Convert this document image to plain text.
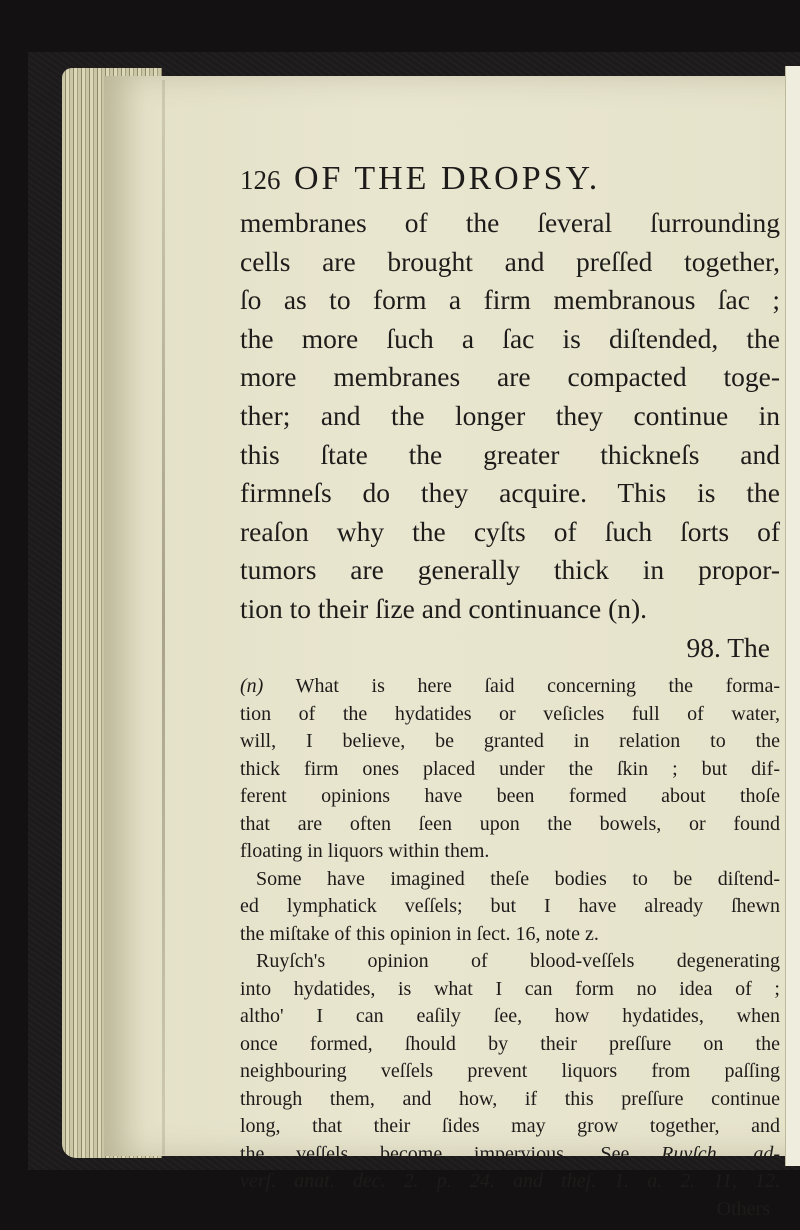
126 OF THE DROPSY.
membranes of the ſeveral ſurrounding
cells are brought and preſſed together,
ſo as to form a firm membranous ſac ;
the more ſuch a ſac is diſtended, the
more membranes are compacted toge-
ther; and the longer they continue in
this ſtate the greater thickneſs and
firmneſs do they acquire. This is the
reaſon why the cyſts of ſuch ſorts of
tumors are generally thick in propor-
tion to their ſize and continuance (n).
98. The
(n) What is here ſaid concerning the forma-
tion of the hydatides or veſicles full of water,
will, I believe, be granted in relation to the
thick firm ones placed under the ſkin ; but dif-
ferent opinions have been formed about thoſe
that are often ſeen upon the bowels, or found
floating in liquors within them.
Some have imagined theſe bodies to be diſtend-
ed lymphatick veſſels; but I have already ſhewn
the miſtake of this opinion in ſect. 16, note z.
Ruyſch's opinion of blood-veſſels degenerating
into hydatides, is what I can form no idea of ;
altho' I can eaſily ſee, how hydatides, when
once formed, ſhould by their preſſure on the
neighbouring veſſels prevent liquors from paſſing
through them, and how, if this preſſure continue
long, that their ſides may grow together, and
the veſſels become impervious. See Ruyſch. ad-
verſ. anat. dec. 2. p. 24. and theſ. 1. a. 2. 11, 12.
Others
